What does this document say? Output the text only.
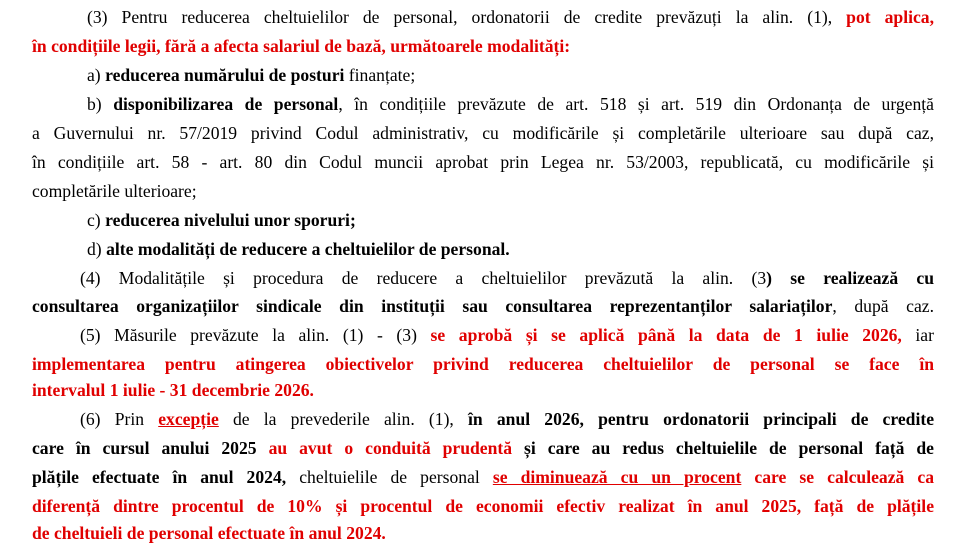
(3) Pentru reducerea cheltuielilor de personal, ordonatorii de credite prevăzuți la alin. (1), pot aplica,
în condițiile legii, fără a afecta salariul de bază, următoarele modalități:
a) reducerea numărului de posturi finanțate;
b) disponibilizarea de personal, în condițiile prevăzute de art. 518 și art. 519 din Ordonanța de urgență
a Guvernului nr. 57/2019 privind Codul administrativ, cu modificările și completările ulterioare sau după caz,
în condițiile art. 58 - art. 80 din Codul muncii aprobat prin Legea nr. 53/2003, republicată, cu modificările și
completările ulterioare;
c) reducerea nivelului unor sporuri;
d) alte modalități de reducere a cheltuielilor de personal.
(4) Modalitățile și procedura de reducere a cheltuielilor prevăzută la alin. (3) se realizează cu
consultarea organizațiilor sindicale din instituții sau consultarea reprezentanților salariaților, după caz.
(5) Măsurile prevăzute la alin. (1) - (3) se aprobă și se aplică până la data de 1 iulie 2026, iar
implementarea pentru atingerea obiectivelor privind reducerea cheltuielilor de personal se face în
intervalul 1 iulie - 31 decembrie 2026.
(6) Prin excepție de la prevederile alin. (1), în anul 2026, pentru ordonatorii principali de credite
care în cursul anului 2025 au avut o conduită prudentă și care au redus cheltuielile de personal față de
plățile efectuate în anul 2024, cheltuielile de personal se diminuează cu un procent care se calculează ca
diferență dintre procentul de 10% și procentul de economii efectiv realizat în anul 2025, față de plățile
de cheltuieli de personal efectuate în anul 2024.
